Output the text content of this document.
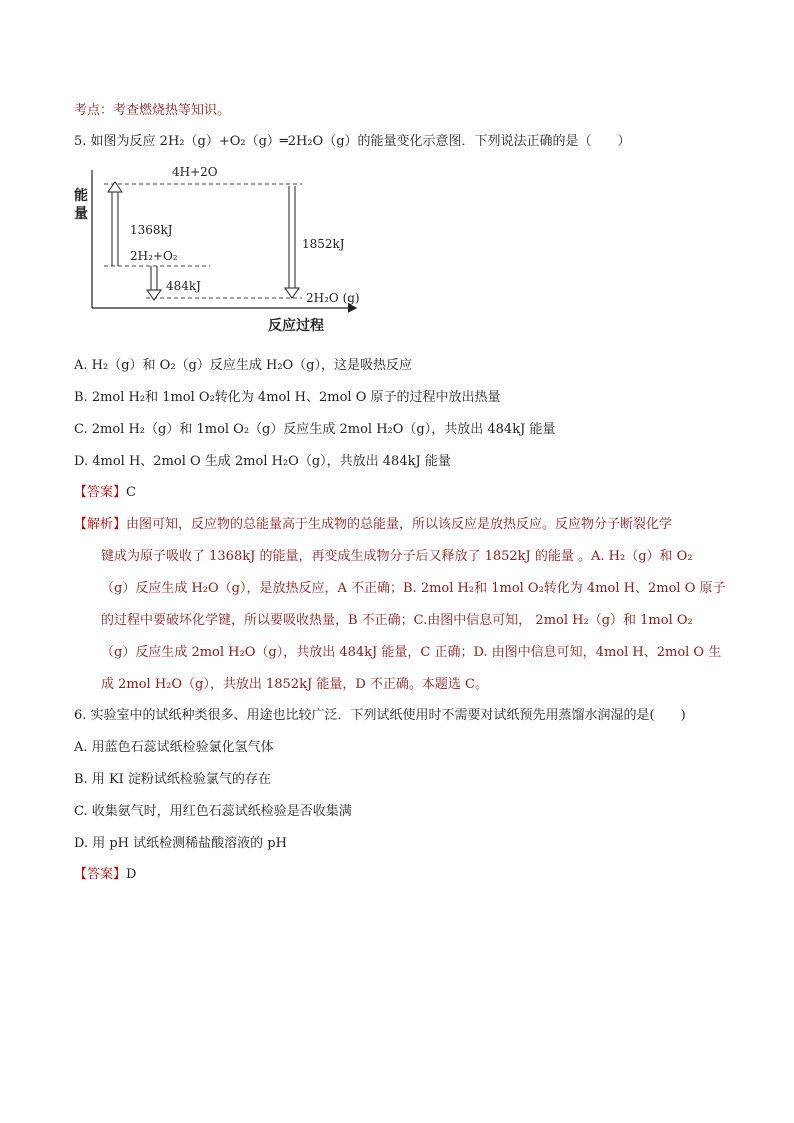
考点：考查燃烧热等知识。
5. 如图为反应 2H₂（g）+O₂（g）═2H₂O（g）的能量变化示意图．下列说法正确的是（　　）
能
量
反应过程
4H+2O
2H₂+O₂
2H₂O (g)
1368kJ
484kJ
1852kJ
A. H₂（g）和 O₂（g）反应生成 H₂O（g），这是吸热反应
B. 2mol H₂和 1mol O₂转化为 4mol H、2mol O 原子的过程中放出热量
C. 2mol H₂（g）和 1mol O₂（g）反应生成 2mol H₂O（g），共放出 484kJ 能量
D. 4mol H、2mol O 生成 2mol H₂O（g），共放出 484kJ 能量
【答案】C
【解析】由图可知，反应物的总能量高于生成物的总能量，所以该反应是放热反应。反应物分子断裂化学
键成为原子吸收了 1368kJ 的能量，再变成生成物分子后又释放了 1852kJ 的能量 。A. H₂（g）和 O₂
（g）反应生成 H₂O（g），是放热反应，A 不正确；B. 2mol H₂和 1mol O₂转化为 4mol H、2mol O 原子
的过程中要破坏化学键，所以要吸收热量，B 不正确；C.由图中信息可知， 2mol H₂（g）和 1mol O₂
（g）反应生成 2mol H₂O（g），共放出 484kJ 能量，C 正确；D. 由图中信息可知，4mol H、2mol O 生
成 2mol H₂O（g），共放出 1852kJ 能量，D 不正确。本题选 C。
6. 实验室中的试纸种类很多、用途也比较广泛．下列试纸使用时不需要对试纸预先用蒸馏水润湿的是(　　)
A. 用蓝色石蕊试纸检验氯化氢气体
B. 用 KI 淀粉试纸检验氯气的存在
C. 收集氨气时，用红色石蕊试纸检验是否收集满
D. 用 pH 试纸检测稀盐酸溶液的 pH
【答案】D
